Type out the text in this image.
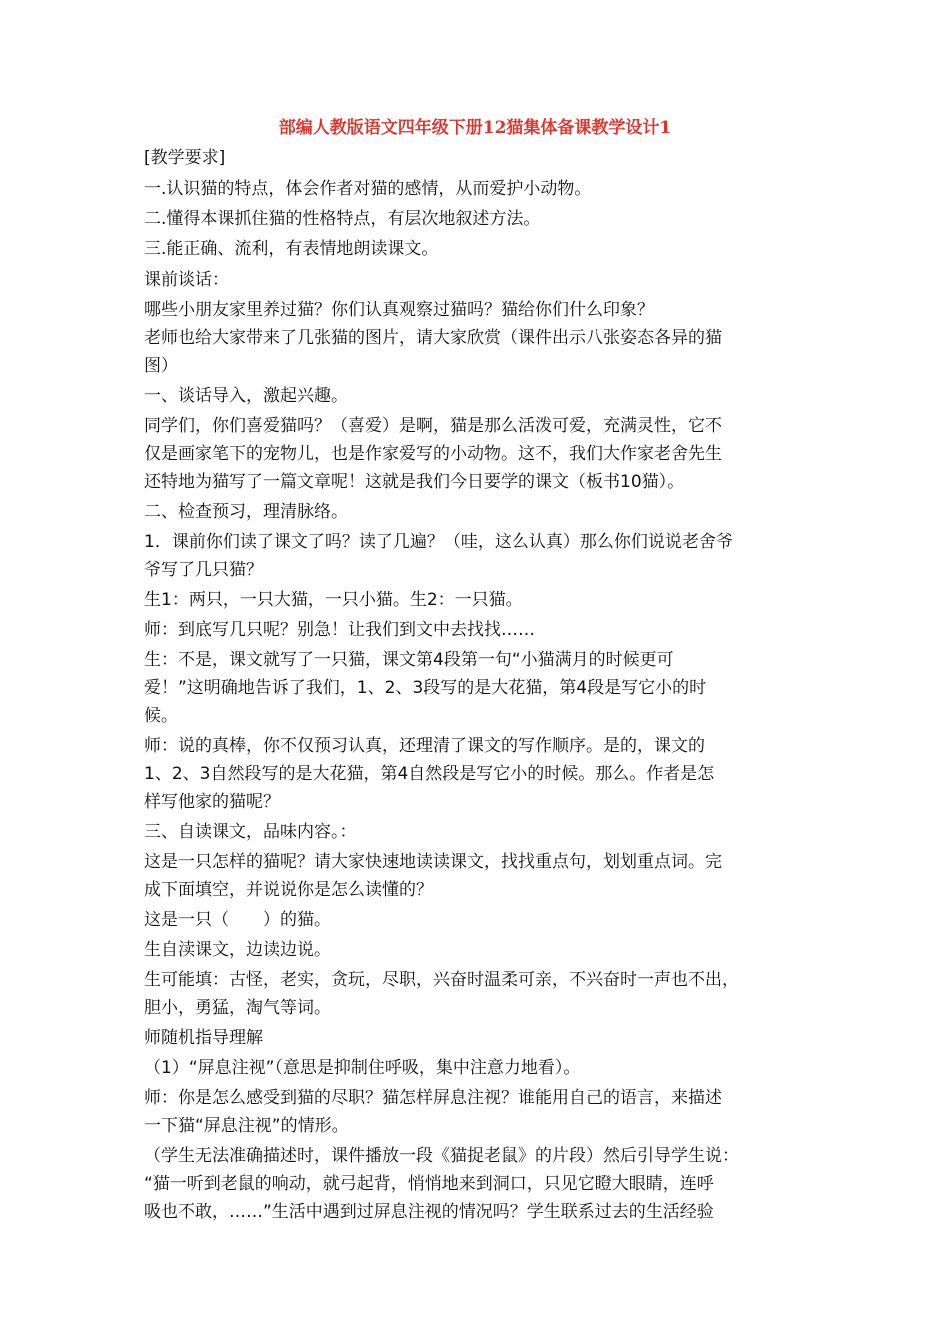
部编人教版语文四年级下册12猫集体备课教学设计1

[教学要求]

一.认识猫的特点，体会作者对猫的感情，从而爱护小动物。

二.懂得本课抓住猫的性格特点，有层次地叙述方法。

三.能正确、流利，有表情地朗读课文。

课前谈话：

哪些小朋友家里养过猫？你们认真观察过猫吗？猫给你们什么印象？

老师也给大家带来了几张猫的图片，请大家欣赏（课件出示八张姿态各异的猫

图）

一、谈话导入，激起兴趣。

同学们，你们喜爱猫吗？（喜爱）是啊，猫是那么活泼可爱，充满灵性，它不

仅是画家笔下的宠物儿，也是作家爱写的小动物。这不，我们大作家老舍先生

还特地为猫写了一篇文章呢！这就是我们今日要学的课文（板书10猫）。

二、检查预习，理清脉络。

1．课前你们读了课文了吗？读了几遍？（哇，这么认真）那么你们说说老舍爷

爷写了几只猫？

生1：两只，一只大猫，一只小猫。生2：一只猫。

师：到底写几只呢？别急！让我们到文中去找找……

生：不是，课文就写了一只猫，课文第4段第一句“小猫满月的时候更可

爱！”这明确地告诉了我们，1、2、3段写的是大花猫，第4段是写它小的时

候。

师：说的真棒，你不仅预习认真，还理清了课文的写作顺序。是的，课文的

1、2、3自然段写的是大花猫，第4自然段是写它小的时候。那么。作者是怎

样写他家的猫呢？

三、自读课文，品味内容。：

这是一只怎样的猫呢？请大家快速地读读课文，找找重点句，划划重点词。完

成下面填空，并说说你是怎么读懂的？

这是一只（　　）的猫。

生自渎课文，边读边说。

生可能填：古怪，老实，贪玩，尽职，兴奋时温柔可亲，不兴奋时一声也不出，

胆小，勇猛，淘气等词。

师随机指导理解

（1）“屏息注视”（意思是抑制住呼吸，集中注意力地看）。

师：你是怎么感受到猫的尽职？猫怎样屏息注视？谁能用自己的语言，来描述

一下猫“屏息注视”的情形。

（学生无法准确描述时，课件播放一段《猫捉老鼠》的片段）然后引导学生说：

“猫一听到老鼠的响动，就弓起背，悄悄地来到洞口，只见它瞪大眼睛，连呼

吸也不敢，……”生活中遇到过屏息注视的情况吗？学生联系过去的生活经验
